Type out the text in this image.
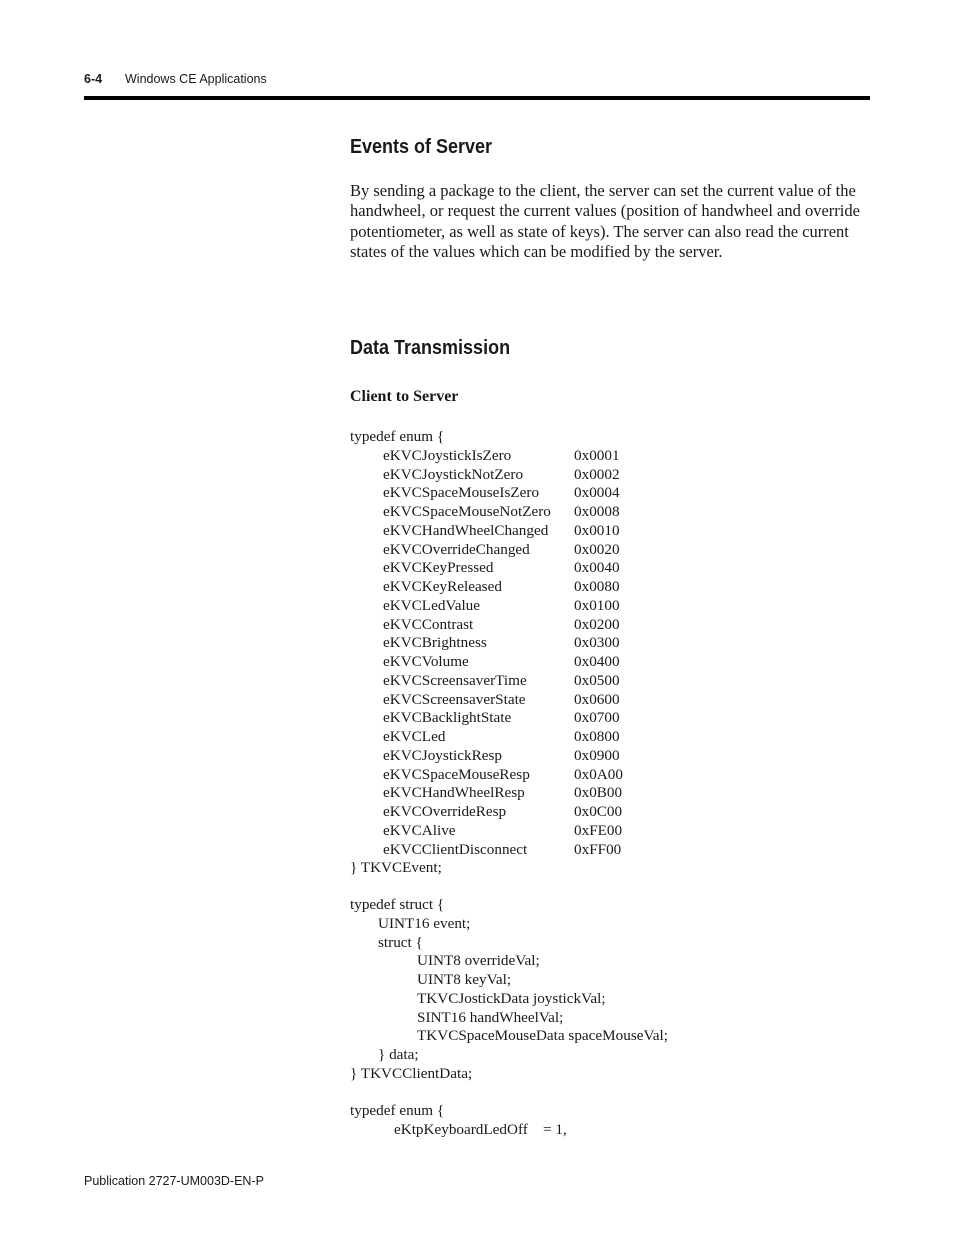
6-4 Windows CE Applications
Events of Server

By sending a package to the client, the server can set the current value of the handwheel, or request the current values (position of handwheel and override potentiometer, as well as state of keys). The server can also read the current states of the values which can be modified by the server.

Data Transmission
Client to Server
typedef enum {
eKVCJoystickIsZero	0x0001
eKVCJoystickNotZero	0x0002
eKVCSpaceMouseIsZero 0x0004
eKVCSpaceMouseNotZero 0x0008
eKVCHandWheelChanged 0x0010
eKVCOverrideChanged	0x0020
eKVCKeyPressed	0x0040
eKVCKeyReleased	0x0080
eKVCLedValue	0x0100
eKVCContrast	0x0200
eKVCBrightness	0x0300
eKVCVolume	0x0400
eKVCScreensaverTime	0x0500
eKVCScreensaverState	0x0600
eKVCBacklightState	0x0700
eKVCLed	0x0800
eKVCJoystickResp	0x0900
eKVCSpaceMouseResp	0x0A00
eKVCHandWheelResp	0x0B00
eKVCOverrideResp	0x0C00
eKVCAlive	0xFE00
eKVCClientDisconnect	0xFF00
} TKVCEvent;
typedef struct {
UINT16 event;
struct {
UINT8 overrideVal;
UINT8 keyVal;
TKVCJostickData joystickVal;
SINT16 handWheelVal;
TKVCSpaceMouseData spaceMouseVal;
} data;
} TKVCClientData;
typedef enum {
eKtpKeyboardLedOff    = 1,
Publication 2727-UM003D-EN-P
